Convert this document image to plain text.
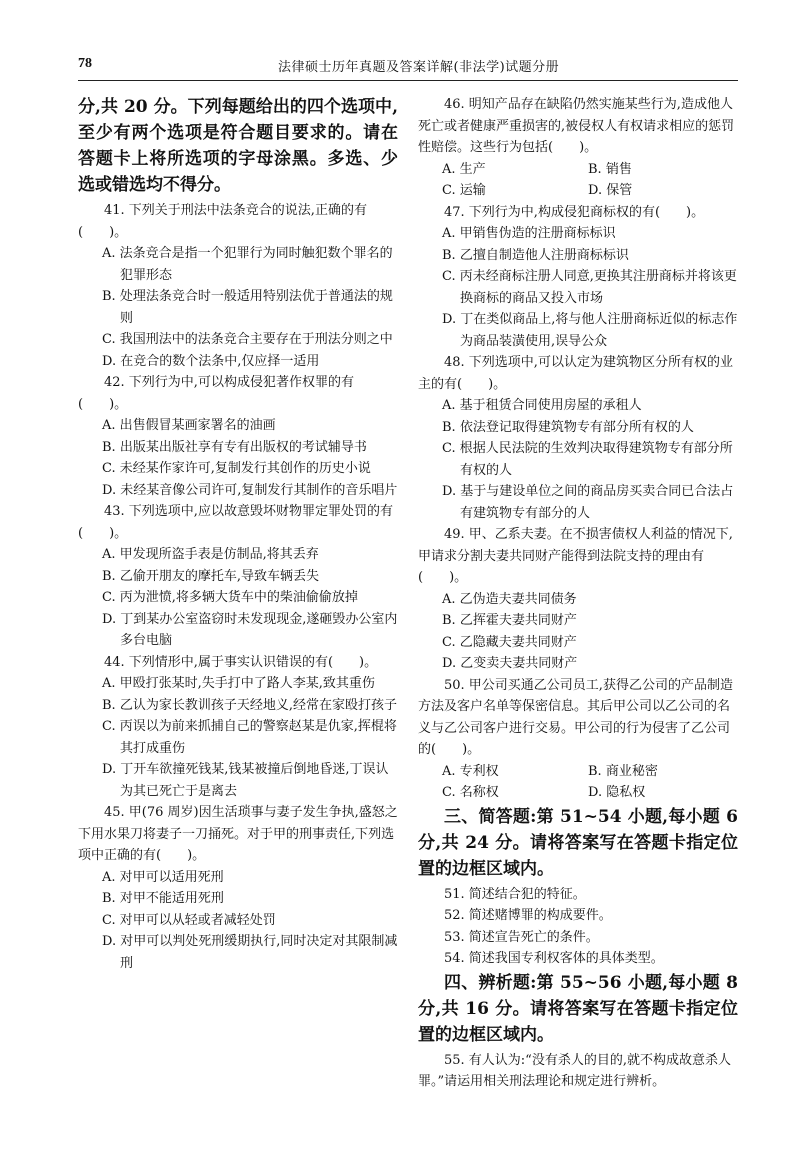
78	法律硕士历年真题及答案详解(非法学)试题分册

分,共 20 分。下列每题给出的四个选项中,至少有两个选项是符合题目要求的。请在答题卡上将所选项的字母涂黑。多选、少选或错选均不得分。

41. 下列关于刑法中法条竞合的说法,正确的有(　　)。

A. 法条竞合是指一个犯罪行为同时触犯数个罪名的犯罪形态

B. 处理法条竞合时一般适用特别法优于普通法的规则

C. 我国刑法中的法条竞合主要存在于刑法分则之中

D. 在竞合的数个法条中,仅应择一适用

42. 下列行为中,可以构成侵犯著作权罪的有(　　)。

A. 出售假冒某画家署名的油画

B. 出版某出版社享有专有出版权的考试辅导书

C. 未经某作家许可,复制发行其创作的历史小说

D. 未经某音像公司许可,复制发行其制作的音乐唱片

43. 下列选项中,应以故意毁坏财物罪定罪处罚的有(　　)。

A. 甲发现所盗手表是仿制品,将其丢弃

B. 乙偷开朋友的摩托车,导致车辆丢失

C. 丙为泄愤,将多辆大货车中的柴油偷偷放掉

D. 丁到某办公室盗窃时未发现现金,遂砸毁办公室内多台电脑

44. 下列情形中,属于事实认识错误的有(　　)。

A. 甲殴打张某时,失手打中了路人李某,致其重伤

B. 乙认为家长教训孩子天经地义,经常在家殴打孩子

C. 丙误以为前来抓捕自己的警察赵某是仇家,挥棍将其打成重伤

D. 丁开车欲撞死钱某,钱某被撞后倒地昏迷,丁误认为其已死亡于是离去

45. 甲(76 周岁)因生活琐事与妻子发生争执,盛怒之下用水果刀将妻子一刀捅死。对于甲的刑事责任,下列选项中正确的有(　　)。

A. 对甲可以适用死刑

B. 对甲不能适用死刑

C. 对甲可以从轻或者减轻处罚

D. 对甲可以判处死刑缓期执行,同时决定对其限制减刑

46. 明知产品存在缺陷仍然实施某些行为,造成他人死亡或者健康严重损害的,被侵权人有权请求相应的惩罚性赔偿。这些行为包括(　　)。

A. 生产	B. 销售
C. 运输	D. 保管

47. 下列行为中,构成侵犯商标权的有(　　)。

A. 甲销售伪造的注册商标标识

B. 乙擅自制造他人注册商标标识

C. 丙未经商标注册人同意,更换其注册商标并将该更换商标的商品又投入市场

D. 丁在类似商品上,将与他人注册商标近似的标志作为商品装潢使用,误导公众

48. 下列选项中,可以认定为建筑物区分所有权的业主的有(　　)。

A. 基于租赁合同使用房屋的承租人

B. 依法登记取得建筑物专有部分所有权的人

C. 根据人民法院的生效判决取得建筑物专有部分所有权的人

D. 基于与建设单位之间的商品房买卖合同已合法占有建筑物专有部分的人

49. 甲、乙系夫妻。在不损害债权人利益的情况下,甲请求分割夫妻共同财产能得到法院支持的理由有(　　)。

A. 乙伪造夫妻共同债务

B. 乙挥霍夫妻共同财产

C. 乙隐藏夫妻共同财产

D. 乙变卖夫妻共同财产

50. 甲公司买通乙公司员工,获得乙公司的产品制造方法及客户名单等保密信息。其后甲公司以乙公司的名义与乙公司客户进行交易。甲公司的行为侵害了乙公司的(　　)。

A. 专利权	B. 商业秘密
C. 名称权	D. 隐私权

三、简答题:第 51~54 小题,每小题 6 分,共 24 分。请将答案写在答题卡指定位置的边框区域内。

51. 简述结合犯的特征。

52. 简述赌博罪的构成要件。

53. 简述宣告死亡的条件。

54. 简述我国专利权客体的具体类型。

四、辨析题:第 55~56 小题,每小题 8 分,共 16 分。请将答案写在答题卡指定位置的边框区域内。

55. 有人认为:“没有杀人的目的,就不构成故意杀人罪。”请运用相关刑法理论和规定进行辨析。
